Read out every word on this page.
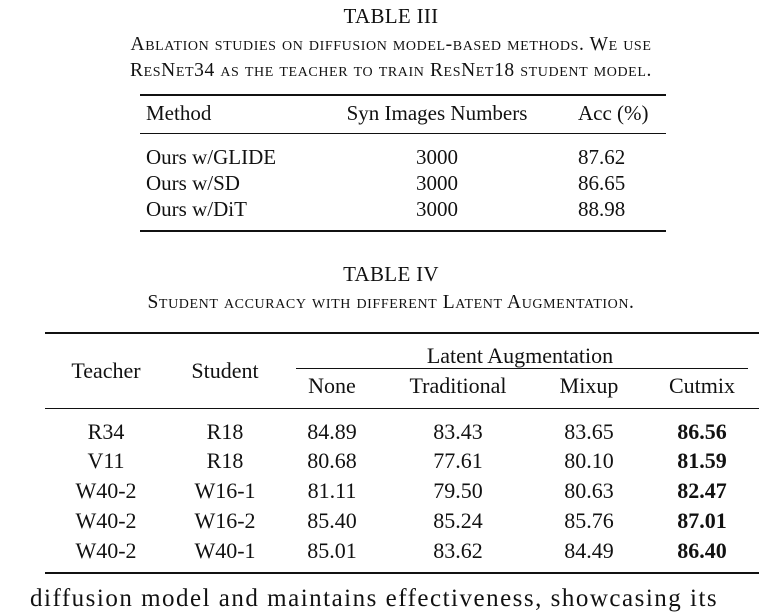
TABLE III
Ablation studies on diffusion model-based methods. We use
ResNet34 as the teacher to train ResNet18 student model.
Method	Syn Images Numbers	Acc (%)
Ours w/GLIDE	3000	87.62
Ours w/SD	3000	86.65
Ours w/DiT	3000	88.98
TABLE IV
Student accuracy with different Latent Augmentation.
Teacher	Student
Latent Augmentation
None	Traditional	Mixup	Cutmix
R34	R18	84.89	83.43	83.65	86.56
V11	R18	80.68	77.61	80.10	81.59
W40-2	W16-1	81.11	79.50	80.63	82.47
W40-2	W16-2	85.40	85.24	85.76	87.01
W40-2	W40-1	85.01	83.62	84.49	86.40
diffusion model and maintains effectiveness, showcasing its
